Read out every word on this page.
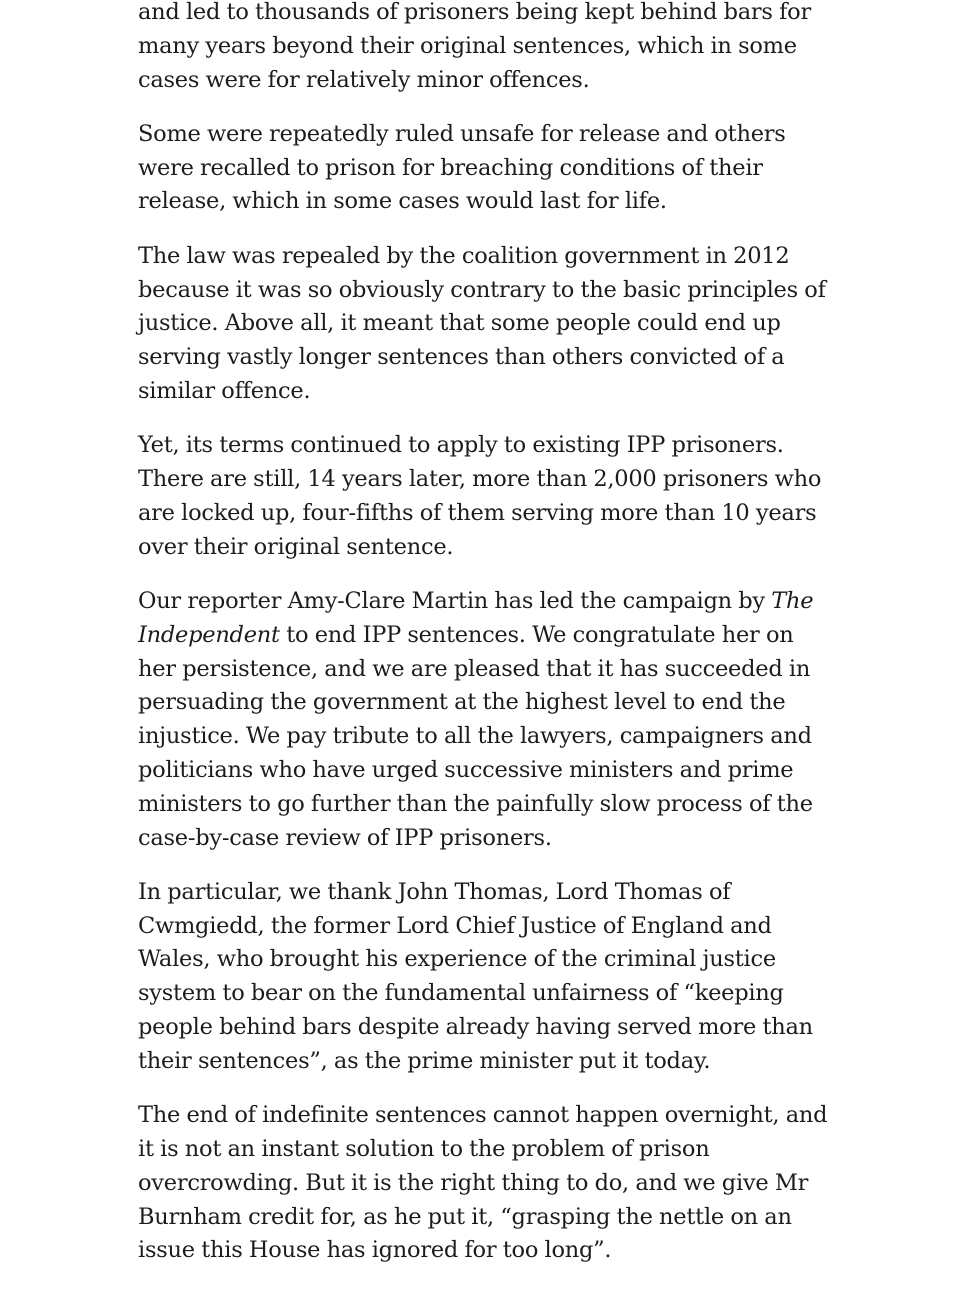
and led to thousands of prisoners being kept behind bars for many years beyond their original sentences, which in some cases were for relatively minor offences.

Some were repeatedly ruled unsafe for release and others were recalled to prison for breaching conditions of their release, which in some cases would last for life.

The law was repealed by the coalition government in 2012 because it was so obviously contrary to the basic principles of justice. Above all, it meant that some people could end up serving vastly longer sentences than others convicted of a similar offence.

Yet, its terms continued to apply to existing IPP prisoners. There are still, 14 years later, more than 2,000 prisoners who are locked up, four-fifths of them serving more than 10 years over their original sentence.

Our reporter Amy-Clare Martin has led the campaign by The Independent to end IPP sentences. We congratulate her on her persistence, and we are pleased that it has succeeded in persuading the government at the highest level to end the injustice. We pay tribute to all the lawyers, campaigners and politicians who have urged successive ministers and prime ministers to go further than the painfully slow process of the case-by-case review of IPP prisoners.

In particular, we thank John Thomas, Lord Thomas of Cwmgiedd, the former Lord Chief Justice of England and Wales, who brought his experience of the criminal justice system to bear on the fundamental unfairness of “keeping people behind bars despite already having served more than their sentences”, as the prime minister put it today.

The end of indefinite sentences cannot happen overnight, and it is not an instant solution to the problem of prison overcrowding. But it is the right thing to do, and we give Mr Burnham credit for, as he put it, “grasping the nettle on an issue this House has ignored for too long”.
